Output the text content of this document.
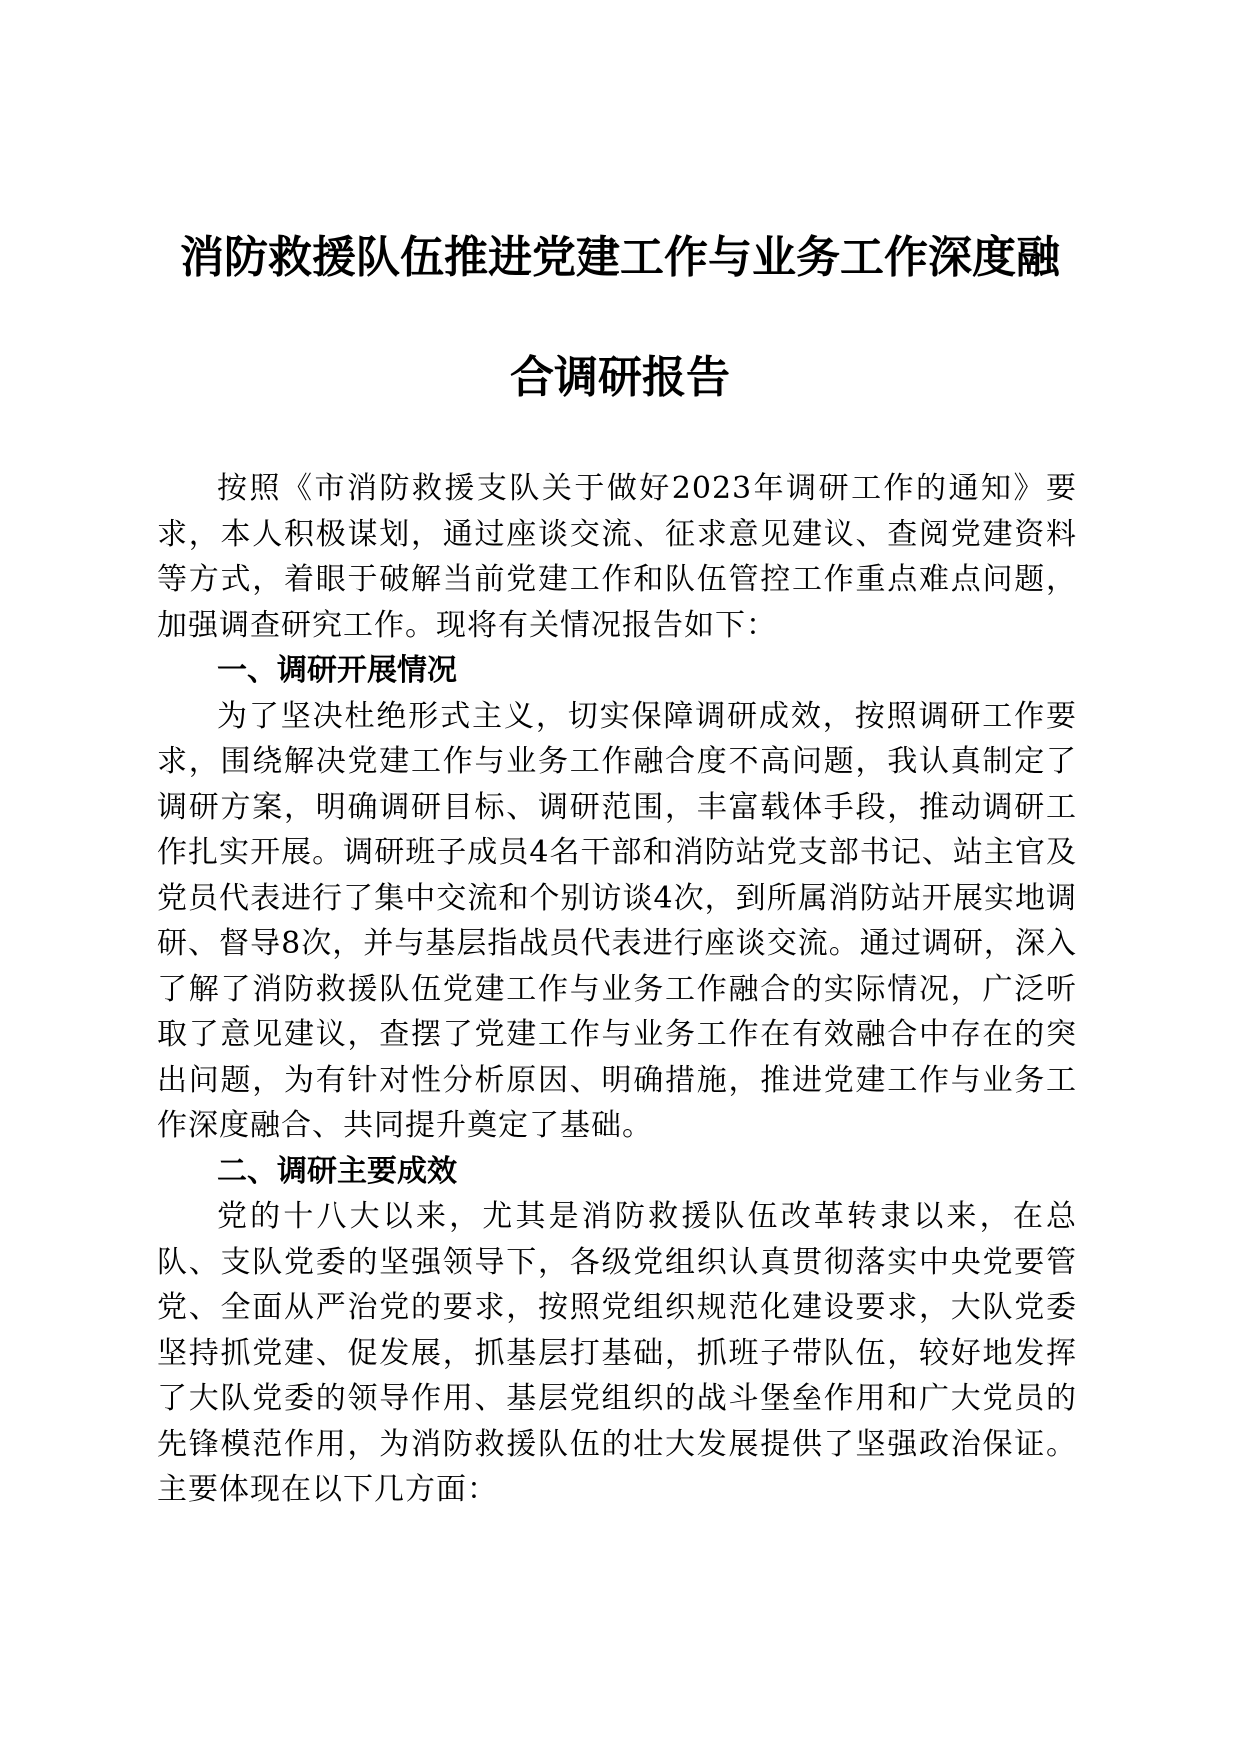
消防救援队伍推进党建工作与业务工作深度融
合调研报告

按照《市消防救援支队关于做好2023年调研工作的通知》要求，本人积极谋划，通过座谈交流、征求意见建议、查阅党建资料等方式，着眼于破解当前党建工作和队伍管控工作重点难点问题，加强调查研究工作。现将有关情况报告如下：

一、调研开展情况

为了坚决杜绝形式主义，切实保障调研成效，按照调研工作要求，围绕解决党建工作与业务工作融合度不高问题，我认真制定了调研方案，明确调研目标、调研范围，丰富载体手段，推动调研工作扎实开展。调研班子成员4名干部和消防站党支部书记、站主官及党员代表进行了集中交流和个别访谈4次，到所属消防站开展实地调研、督导8次，并与基层指战员代表进行座谈交流。通过调研，深入了解了消防救援队伍党建工作与业务工作融合的实际情况，广泛听取了意见建议，查摆了党建工作与业务工作在有效融合中存在的突出问题，为有针对性分析原因、明确措施，推进党建工作与业务工作深度融合、共同提升奠定了基础。

二、调研主要成效

党的十八大以来，尤其是消防救援队伍改革转隶以来，在总队、支队党委的坚强领导下，各级党组织认真贯彻落实中央党要管党、全面从严治党的要求，按照党组织规范化建设要求，大队党委坚持抓党建、促发展，抓基层打基础，抓班子带队伍，较好地发挥了大队党委的领导作用、基层党组织的战斗堡垒作用和广大党员的先锋模范作用，为消防救援队伍的壮大发展提供了坚强政治保证。主要体现在以下几方面：
